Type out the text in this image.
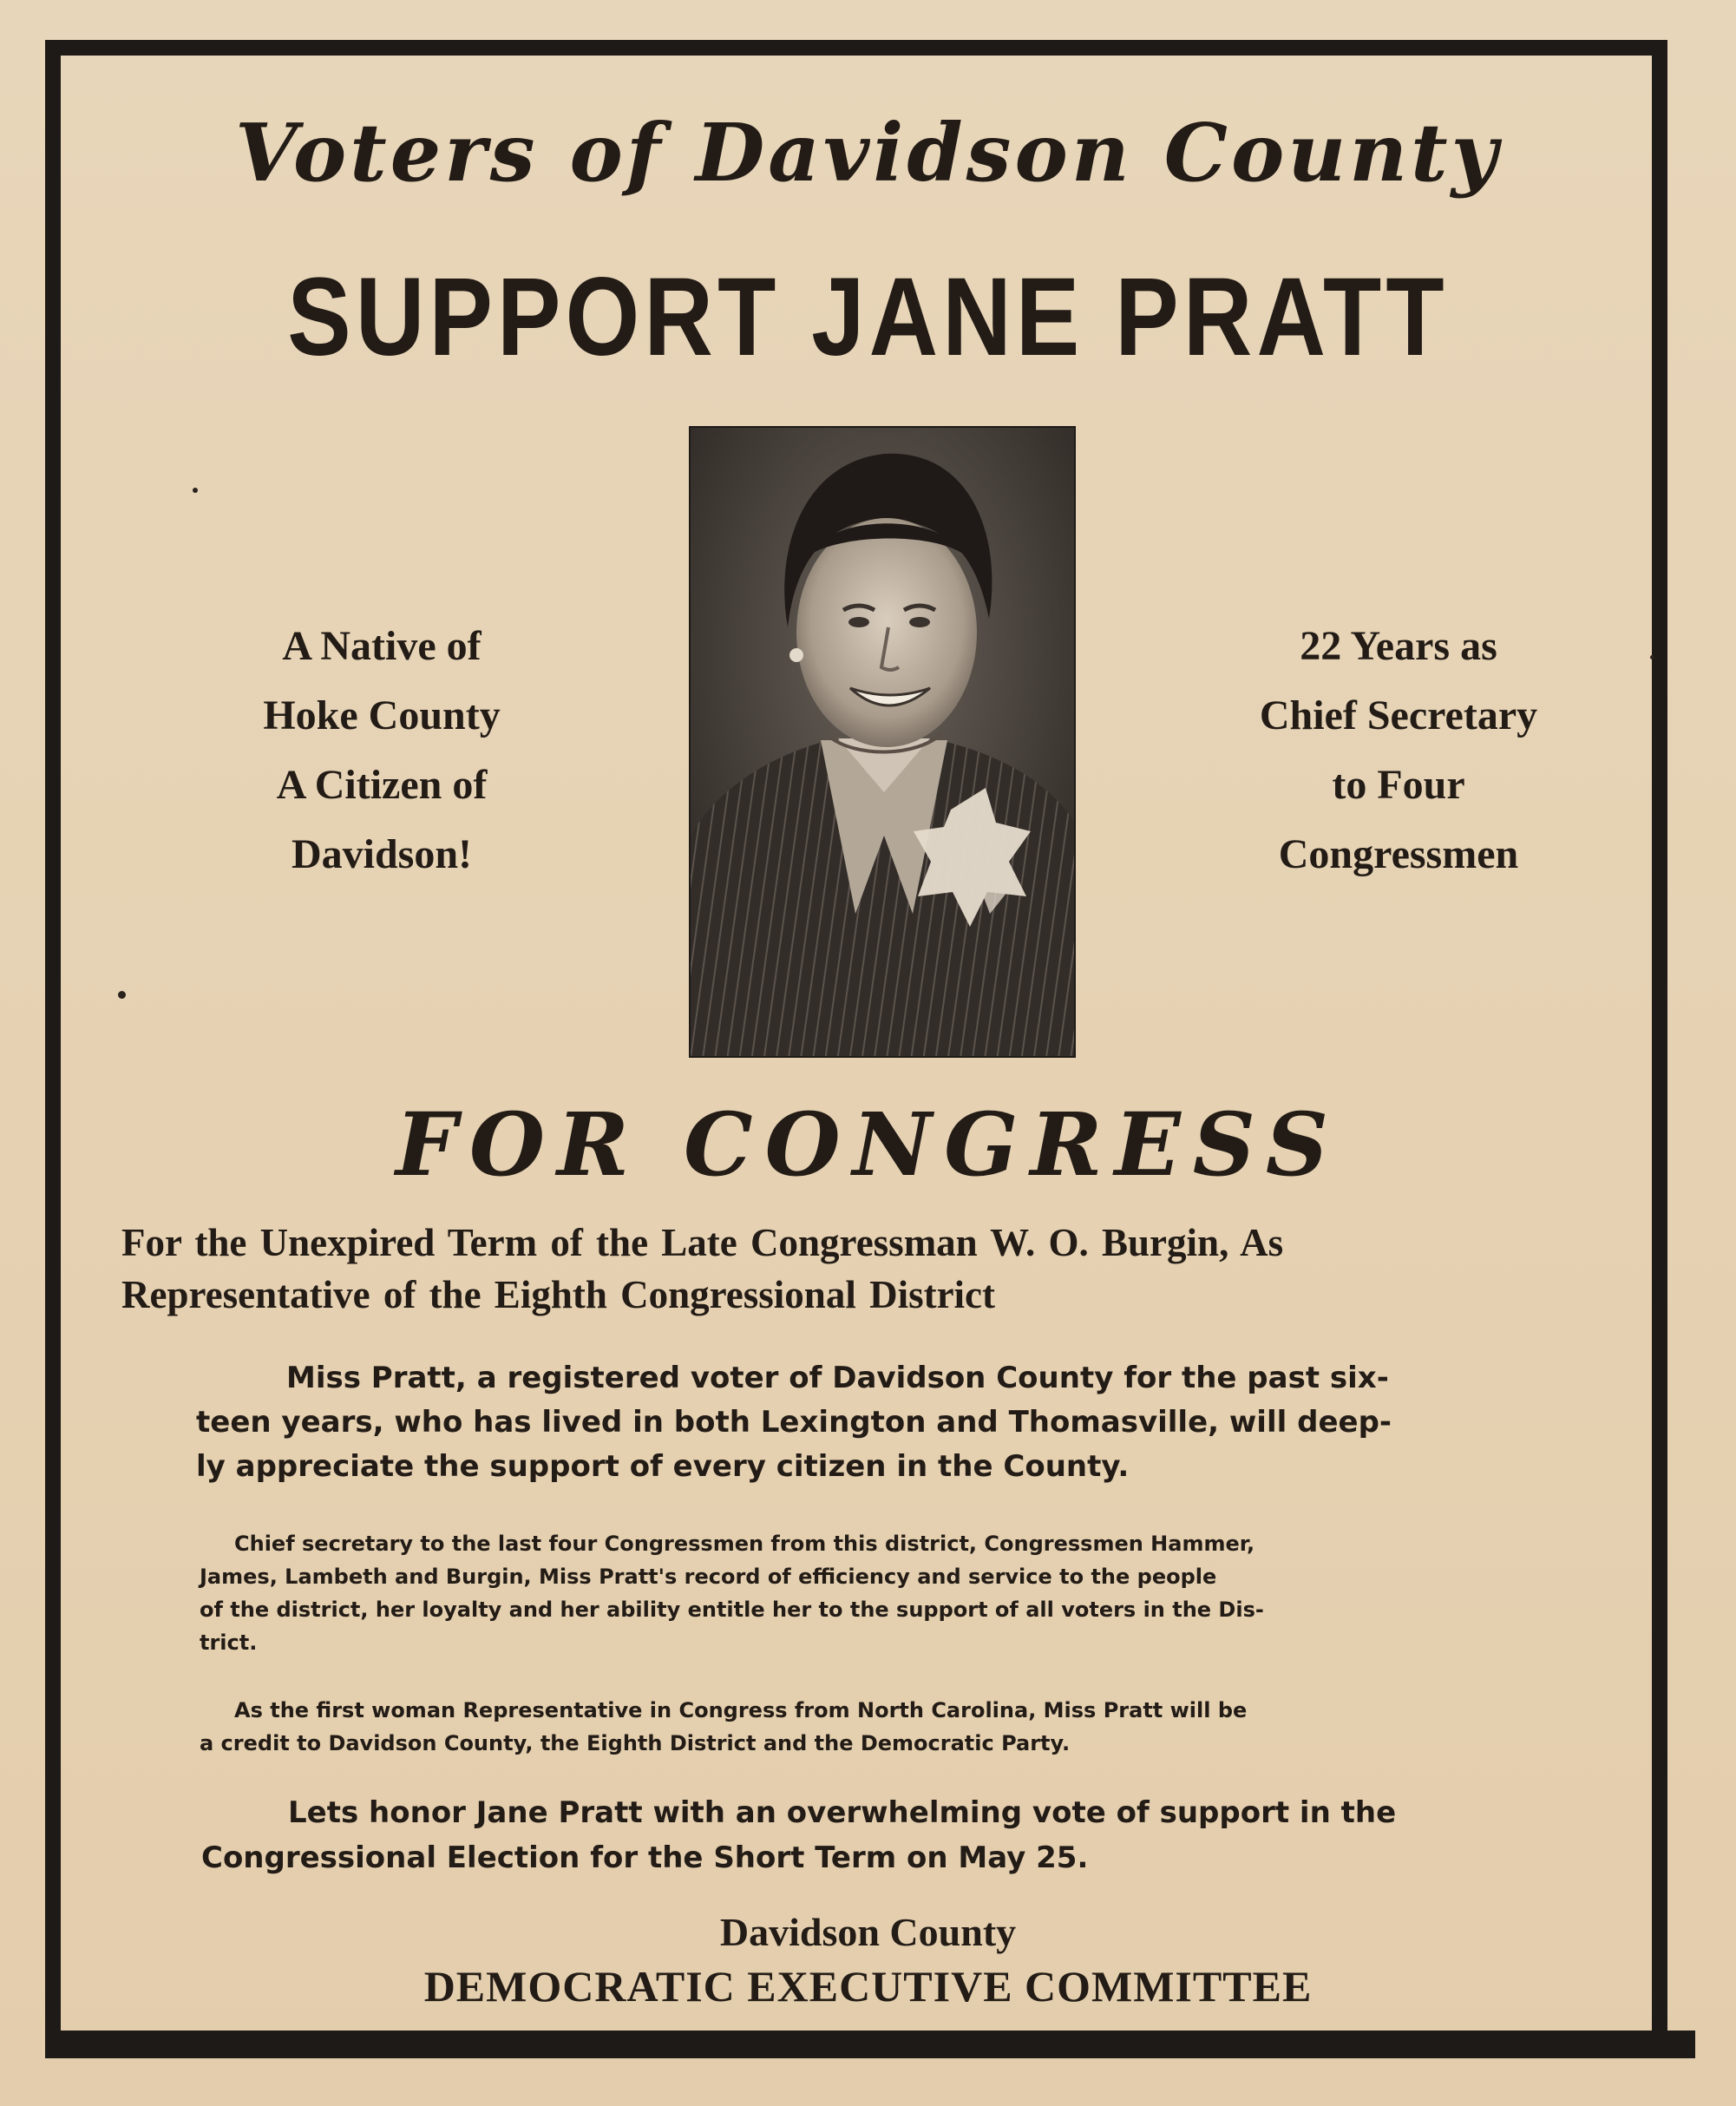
Voters of Davidson County
SUPPORT JANE PRATT
A Native of
Hoke County
A Citizen of
Davidson!
22 Years as
Chief Secretary
to Four
Congressmen
FOR CONGRESS
For the Unexpired Term of the Late Congressman W. O. Burgin, As
Representative of the Eighth Congressional District
Miss Pratt, a registered voter of Davidson County for the past six-
teen years, who has lived in both Lexington and Thomasville, will deep-
ly appreciate the support of every citizen in the County.
Chief secretary to the last four Congressmen from this district, Congressmen Hammer,
James, Lambeth and Burgin, Miss Pratt's record of efficiency and service to the people
of the district, her loyalty and her ability entitle her to the support of all voters in the Dis-
trict.
As the first woman Representative in Congress from North Carolina, Miss Pratt will be
a credit to Davidson County, the Eighth District and the Democratic Party.
Lets honor Jane Pratt with an overwhelming vote of support in the
Congressional Election for the Short Term on May 25.
Davidson County
DEMOCRATIC EXECUTIVE COMMITTEE
